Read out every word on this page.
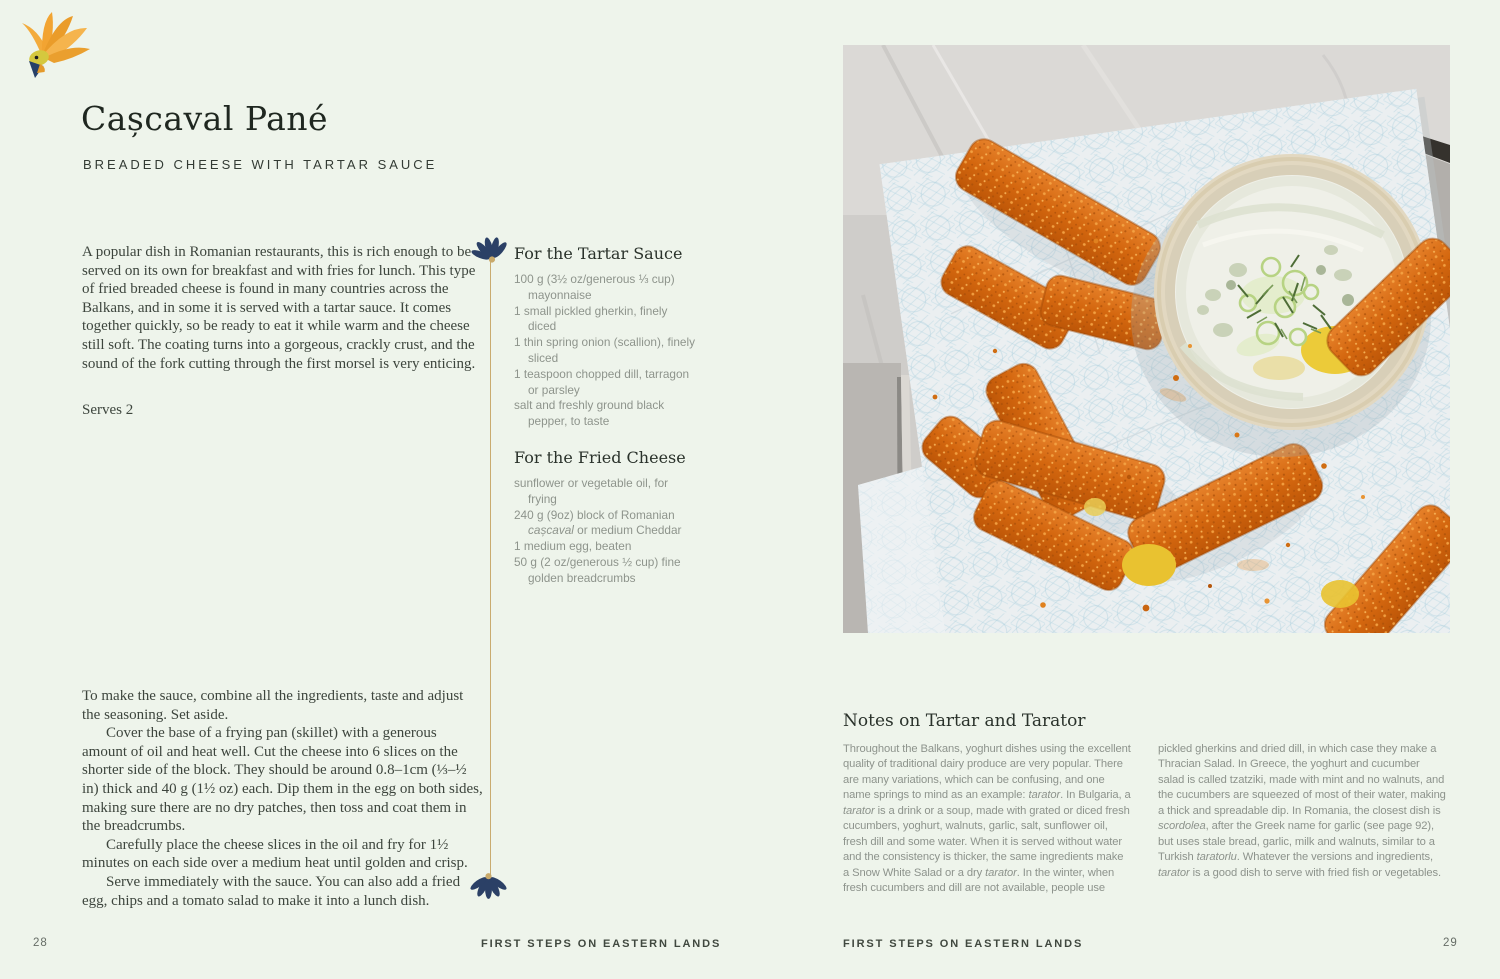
Cașcaval Pané
BREADED CHEESE WITH TARTAR SAUCE
A popular dish in Romanian restaurants, this is rich enough to be served on its own for breakfast and with fries for lunch. This type of fried breaded cheese is found in many countries across the Balkans, and in some it is served with a tartar sauce. It comes together quickly, so be ready to eat it while warm and the cheese still soft. The coating turns into a gorgeous, crackly crust, and the sound of the fork cutting through the first morsel is very enticing.
Serves 2
For the Tartar Sauce
100 g (3½ oz/generous ⅓ cup) mayonnaise
1 small pickled gherkin, finely diced
1 thin spring onion (scallion), finely sliced
1 teaspoon chopped dill, tarragon or parsley
salt and freshly ground black pepper, to taste
For the Fried Cheese
sunflower or vegetable oil, for frying
240 g (9oz) block of Romanian cașcaval or medium Cheddar
1 medium egg, beaten
50 g (2 oz/generous ½ cup) fine golden breadcrumbs

To make the sauce, combine all the ingredients, taste and adjust the seasoning. Set aside.

Cover the base of a frying pan (skillet) with a generous amount of oil and heat well. Cut the cheese into 6 slices on the shorter side of the block. They should be around 0.8–1cm (⅓–½ in) thick and 40 g (1½ oz) each. Dip them in the egg on both sides, making sure there are no dry patches, then toss and coat them in the breadcrumbs.

Carefully place the cheese slices in the oil and fry for 1½ minutes on each side over a medium heat until golden and crisp.

Serve immediately with the sauce. You can also add a fried egg, chips and a tomato salad to make it into a lunch dish.

Notes on Tartar and Tarator
Throughout the Balkans, yoghurt dishes using the excellent quality of traditional dairy produce are very popular. There are many variations, which can be confusing, and one name springs to mind as an example: tarator. In Bulgaria, a tarator is a drink or a soup, made with grated or diced fresh cucumbers, yoghurt, walnuts, garlic, salt, sunflower oil, fresh dill and some water. When it is served without water and the consistency is thicker, the same ingredients make a Snow White Salad or a dry tarator. In the winter, when fresh cucumbers and dill are not available, people use
pickled gherkins and dried dill, in which case they make a Thracian Salad. In Greece, the yoghurt and cucumber salad is called tzatziki, made with mint and no walnuts, and the cucumbers are squeezed of most of their water, making a thick and spreadable dip. In Romania, the closest dish is scordolea, after the Greek name for garlic (see page 92), but uses stale bread, garlic, milk and walnuts, similar to a Turkish taratorlu. Whatever the versions and ingredients, tarator is a good dish to serve with fried fish or vegetables.
28	FIRST STEPS ON EASTERN LANDS	FIRST STEPS ON EASTERN LANDS	29
